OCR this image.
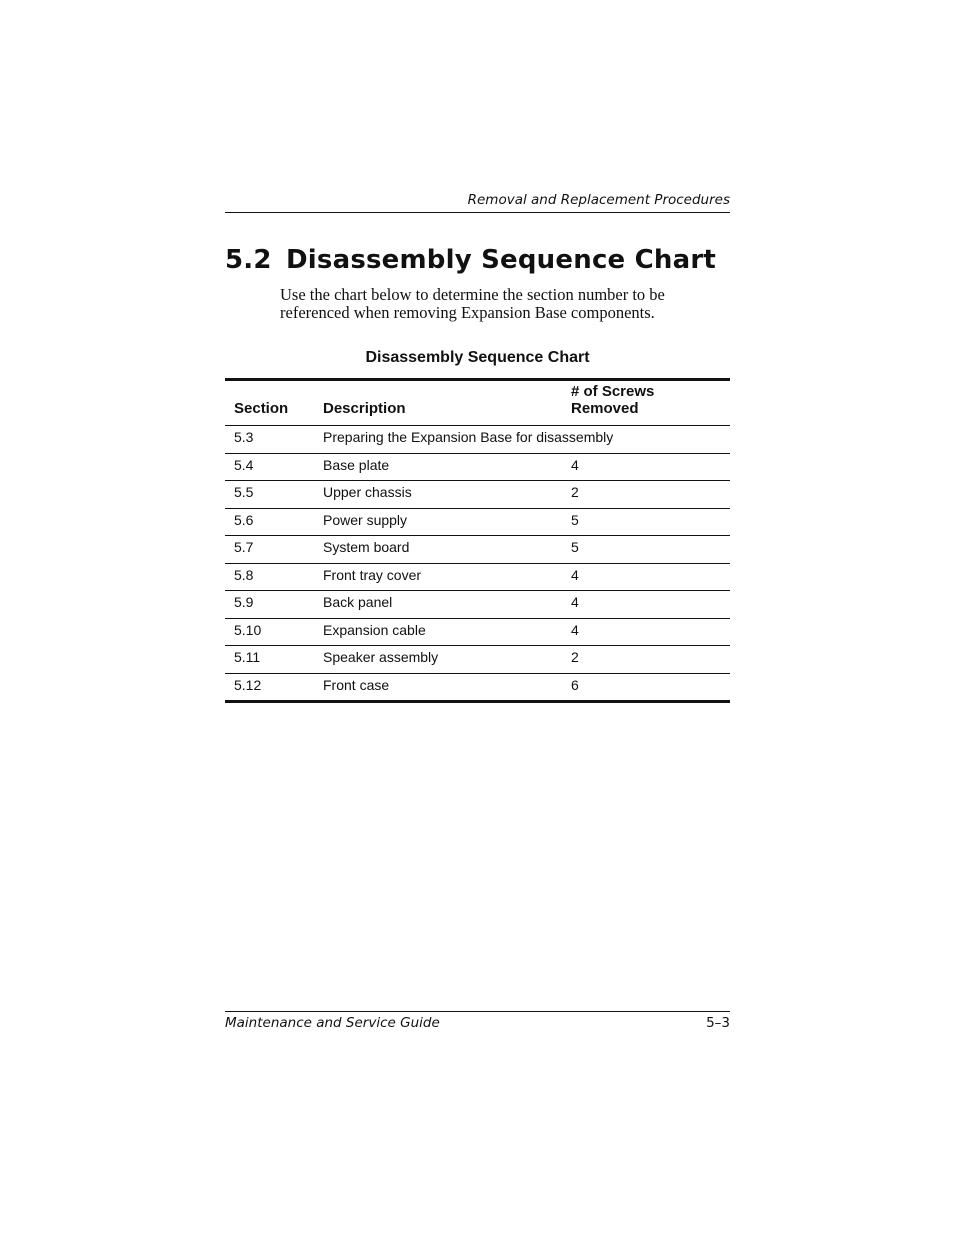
Removal and Replacement Procedures
5.2 Disassembly Sequence Chart

Use the chart below to determine the section number to be referenced when removing Expansion Base components.

Disassembly Sequence Chart
Section	Description	# of Screws
Removed
5.3	Preparing the Expansion Base for disassembly	
5.4	Base plate	4
5.5	Upper chassis	2
5.6	Power supply	5
5.7	System board	5
5.8	Front tray cover	4
5.9	Back panel	4
5.10	Expansion cable	4
5.11	Speaker assembly	2
5.12	Front case	6
Maintenance and Service Guide	5–3
